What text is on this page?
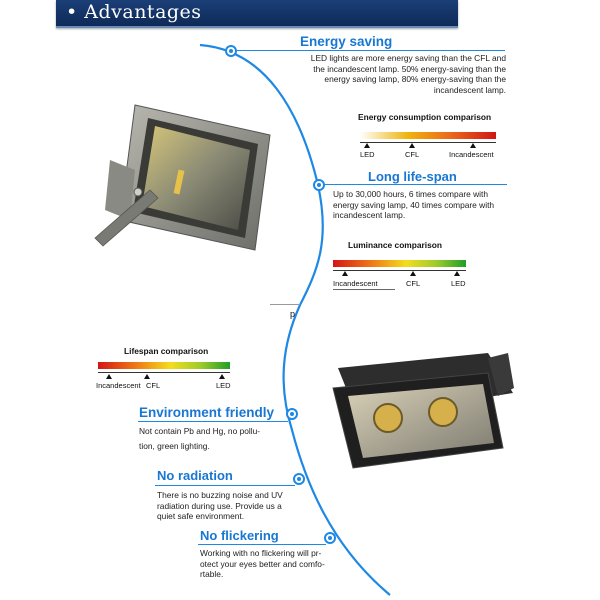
• Advantages
Energy saving
LED lights are more energy saving than the CFL and
the incandescent lamp. 50% energy-saving than the
energy saving lamp, 80% energy-saving than the
incandescent lamp.
Energy consumption comparison
LED	CFL	Incandescent
Long life-span
Up to 30,000 hours, 6 times compare with
energy saving lamp, 40 times compare with
incandescent lamp.
Luminance comparison
Incandescent	CFL	LED
p
Lifespan comparison
Incandescent CFL	LED
Environment friendly
Not contain Pb and Hg, no pollu-
tion, green lighting.
No radiation
There is no buzzing noise and UV
radiation during use. Provide us a
quiet safe environment.
No flickering
Working with no flickering will pr-
otect your eyes better and comfo-
rtable.
